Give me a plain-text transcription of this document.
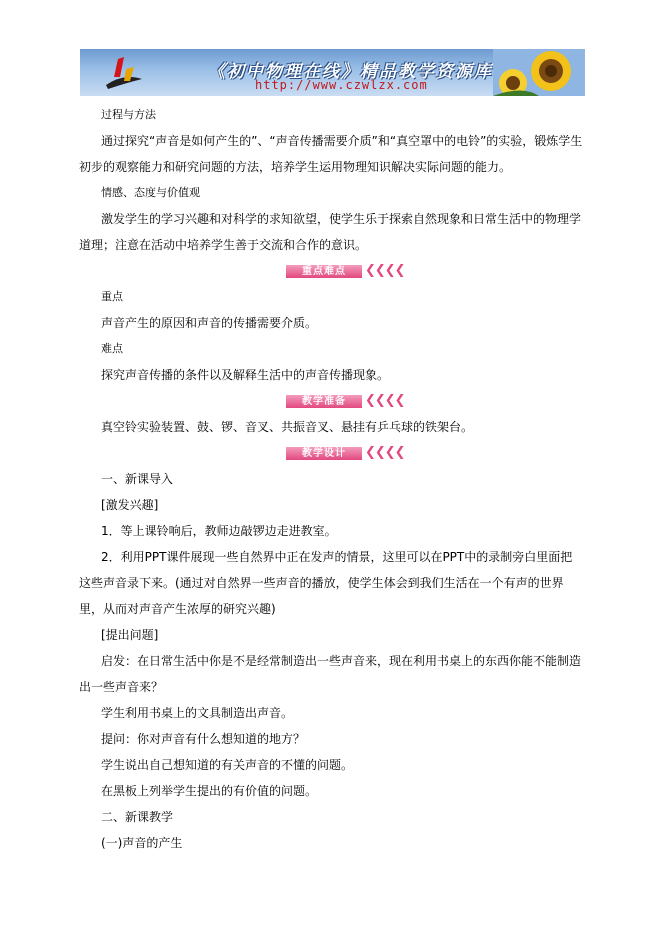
《初中物理在线》精品教学资源库
http://www.czwlzx.com

过程与方法

通过探究“声音是如何产生的”、“声音传播需要介质”和“真空罩中的电铃”的实验，锻炼学生初步的观察能力和研究问题的方法，培养学生运用物理知识解决实际问题的能力。

情感、态度与价值观

激发学生的学习兴趣和对科学的求知欲望，使学生乐于探索自然现象和日常生活中的物理学道理；注意在活动中培养学生善于交流和合作的意识。

重点难点	❮❮❮❮

重点

声音产生的原因和声音的传播需要介质。

难点

探究声音传播的条件以及解释生活中的声音传播现象。

教学准备	❮❮❮❮

真空铃实验装置、鼓、锣、音叉、共振音叉、悬挂有乒乓球的铁架台。

教学设计	❮❮❮❮

一、新课导入

[激发兴趣]

1．等上课铃响后，教师边敲锣边走进教室。

2．利用PPT课件展现一些自然界中正在发声的情景，这里可以在PPT中的录制旁白里面把这些声音录下来。(通过对自然界一些声音的播放，使学生体会到我们生活在一个有声的世界里，从而对声音产生浓厚的研究兴趣)

[提出问题]

启发：在日常生活中你是不是经常制造出一些声音来，现在利用书桌上的东西你能不能制造出一些声音来？

学生利用书桌上的文具制造出声音。

提问：你对声音有什么想知道的地方？

学生说出自己想知道的有关声音的不懂的问题。

在黑板上列举学生提出的有价值的问题。

二、新课教学

(一)声音的产生
